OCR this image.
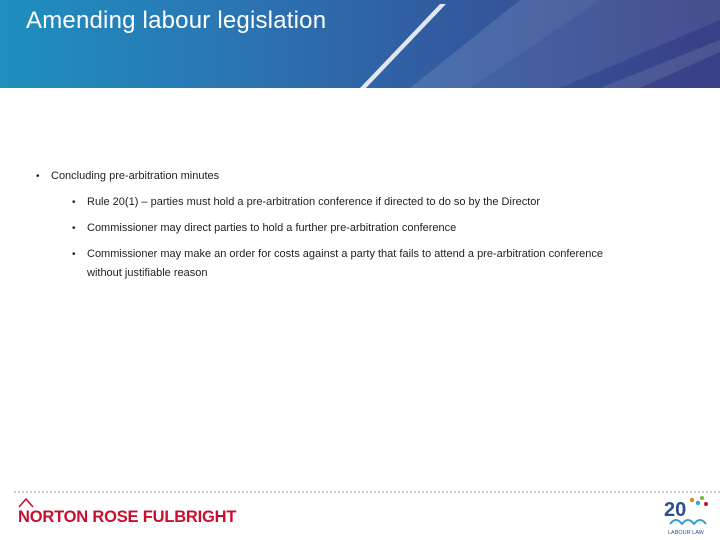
Amending labour legislation
•	Concluding pre-arbitration minutes
•	Rule 20(1) – parties must hold a pre-arbitration conference if directed to do so by the Director
•	Commissioner may direct parties to hold a further pre-arbitration conference
•	Commissioner may make an order for costs against a party that fails to attend a pre-arbitration conference
without justifiable reason
NORTON ROSE FULBRIGHT	20
LABOUR LAW
